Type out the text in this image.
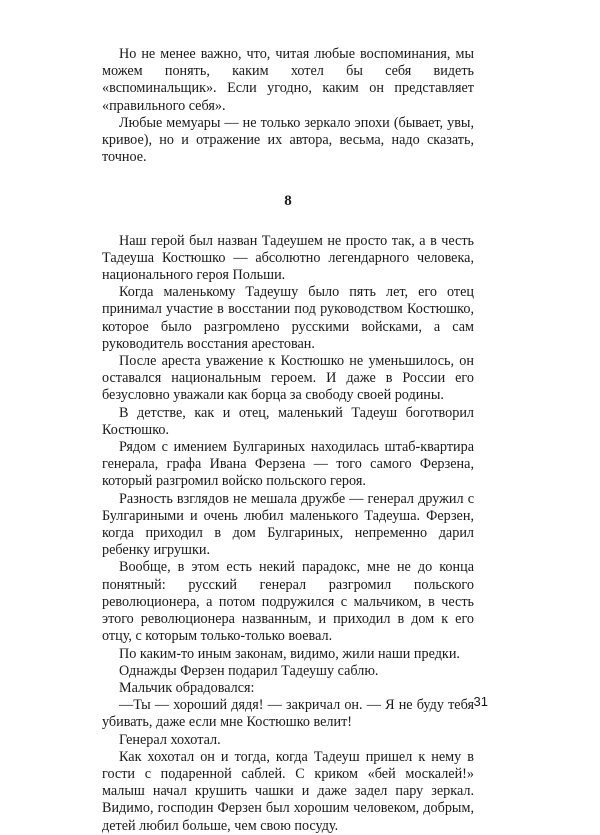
Но не менее важно, что, читая любые воспоминания, мы можем понять, каким хотел бы себя видеть «вспоминальщик». Если угодно, каким он представляет «правильного себя».

Любые мемуары — не только зеркало эпохи (бывает, увы, кривое), но и отражение их автора, весьма, надо сказать, точное.

8

Наш герой был назван Тадеушем не просто так, а в честь Тадеуша Костюшко — абсолютно легендарного человека, национального героя Польши.

Когда маленькому Тадеушу было пять лет, его отец принимал участие в восстании под руководством Костюшко, которое было разгромлено русскими войсками, а сам руководитель восстания арестован.

После ареста уважение к Костюшко не уменьшилось, он оставался национальным героем. И даже в России его безусловно уважали как борца за свободу своей родины.

В детстве, как и отец, маленький Тадеуш боготворил Костюшко.

Рядом с имением Булгариных находилась штаб-квартира генерала, графа Ивана Ферзена — того самого Ферзена, который разгромил войско польского героя.

Разность взглядов не мешала дружбе — генерал дружил с Булгариными и очень любил маленького Тадеуша. Ферзен, когда приходил в дом Булгариных, непременно дарил ребенку игрушки.

Вообще, в этом есть некий парадокс, мне не до конца понятный: русский генерал разгромил польского революционера, а потом подружился с мальчиком, в честь этого революционера названным, и приходил в дом к его отцу, с которым только-только воевал.

По каким-то иным законам, видимо, жили наши предки.

Однажды Ферзен подарил Тадеушу саблю.

Мальчик обрадовался:

—Ты — хороший дядя! — закричал он. — Я не буду тебя убивать, даже если мне Костюшко велит!

Генерал хохотал.

Как хохотал он и тогда, когда Тадеуш пришел к нему в гости с подаренной саблей. С криком «бей москалей!» малыш начал крушить чашки и даже задел пару зеркал. Видимо, господин Ферзен был хорошим человеком, добрым, детей любил больше, чем свою посуду.

31
